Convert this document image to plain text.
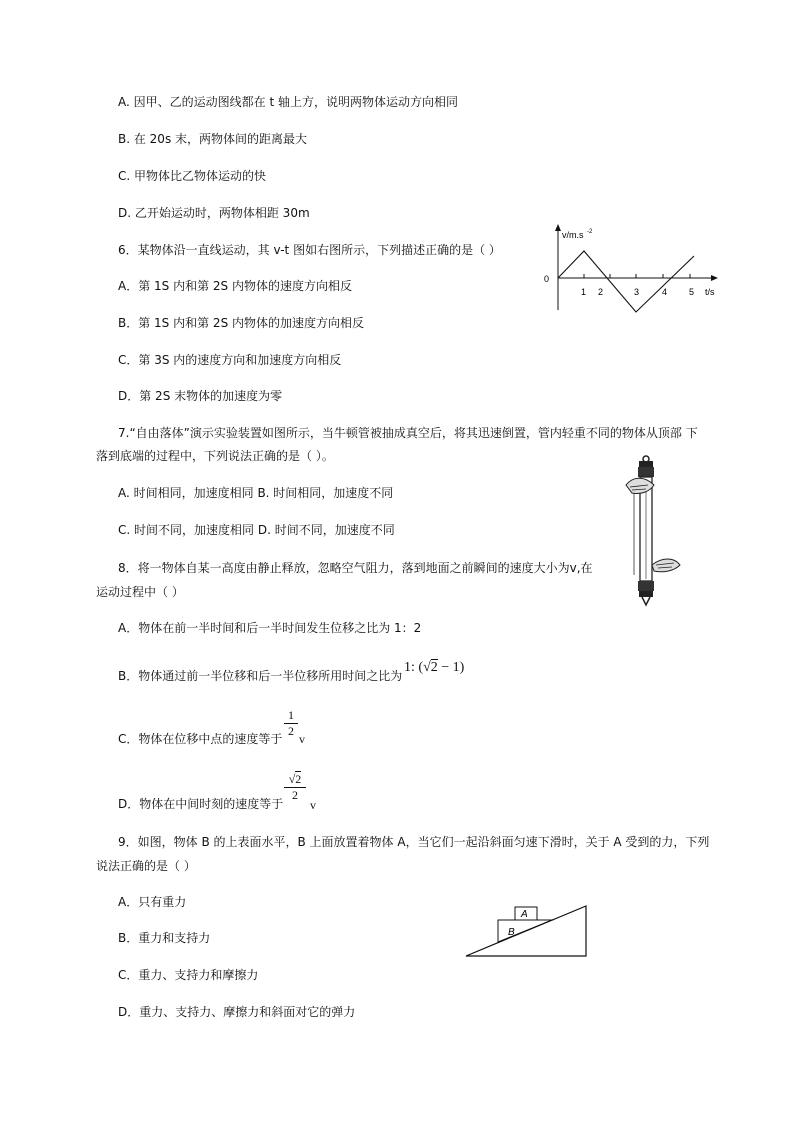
A. 因甲、乙的运动图线都在 t 轴上方，说明两物体运动方向相同
B. 在 20s 末，两物体间的距离最大
C. 甲物体比乙物体运动的快
D. 乙开始运动时，两物体相距 30m
6．某物体沿一直线运动，其 v-t 图如右图所示，下列描述正确的是（ ）
A．第 1S 内和第 2S 内物体的速度方向相反
B．第 1S 内和第 2S 内物体的加速度方向相反
C．第 3S 内的速度方向和加速度方向相反
D．第 2S 末物体的加速度为零
v/m.s -2
t/s
0
1 2	3	4 5
7.“自由落体”演示实验装置如图所示，当牛顿管被抽成真空后，将其迅速倒置，管内轻重不同的物体从顶部 下
落到底端的过程中，下列说法正确的是（ ）。
A. 时间相同，加速度相同 B. 时间相同，加速度不同
C. 时间不同，加速度相同 D. 时间不同，加速度不同
8．将一物体自某一高度由静止释放，忽略空气阻力，落到地面之前瞬间的速度大小为v,在
运动过程中（ ）
A．物体在前一半时间和后一半时间发生位移之比为 1：2
B．物体通过前一半位移和后一半位移所用时间之比为
1: (√2 − 1)
C．物体在位移中点的速度等于 $\frac{1}{2}$ v
D．物体在中间时刻的速度等于
$\frac{√2}{2}$
v
9．如图，物体 B 的上表面水平，B 上面放置着物体 A，当它们一起沿斜面匀速下滑时，关于 A 受到的力，下列
说法正确的是（ ）
A．只有重力
B．重力和支持力
C．重力、支持力和摩擦力
D．重力、支持力、摩擦力和斜面对它的弹力
A
B
